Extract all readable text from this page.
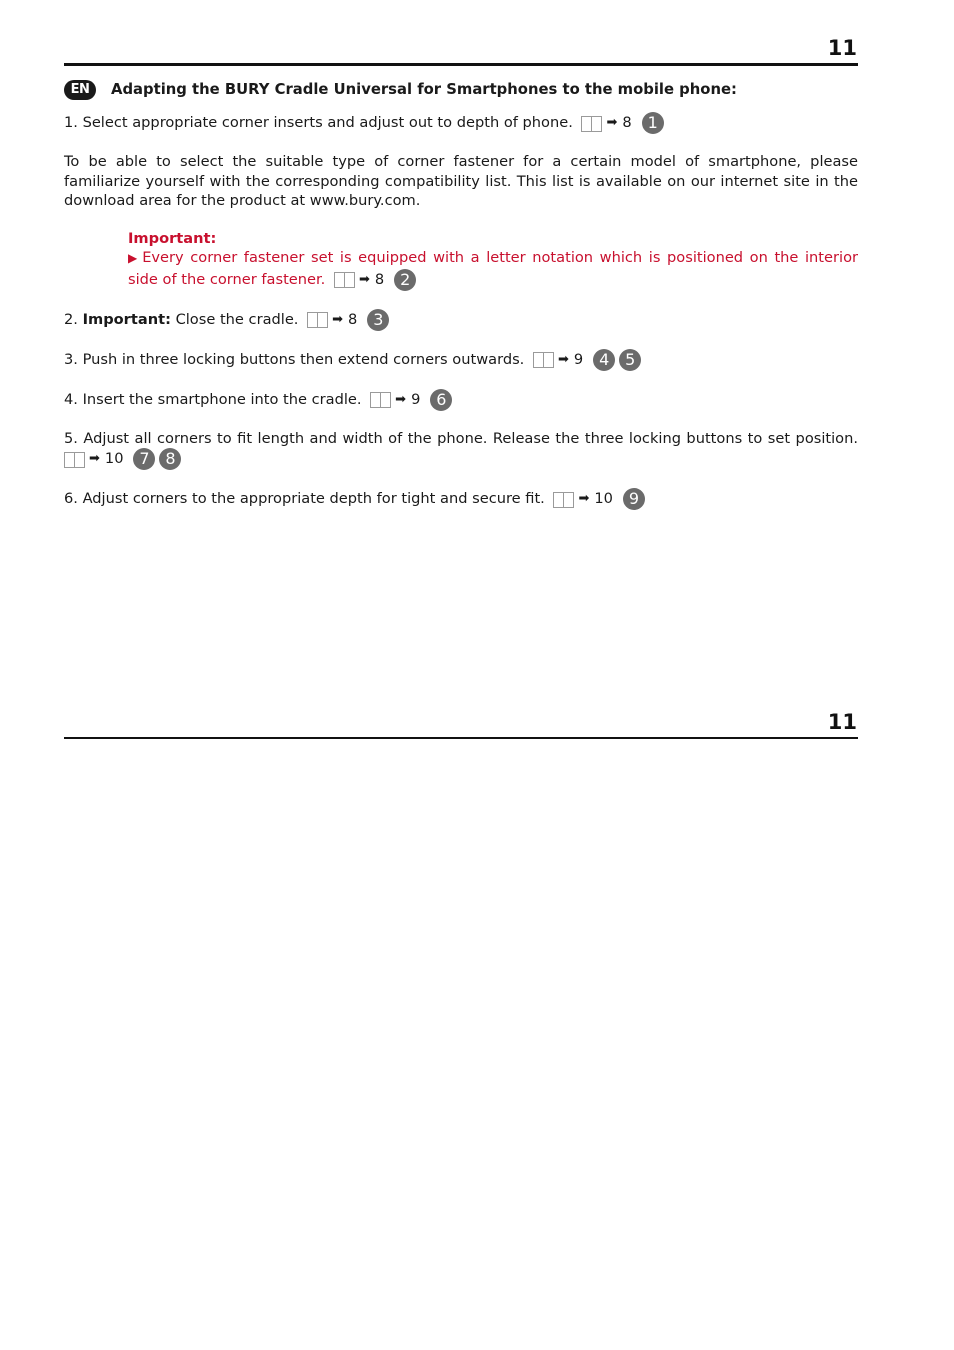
11
EN	Adapting the BURY Cradle Universal for Smartphones to the mobile phone:

1. Select appropriate corner inserts and adjust out to depth of phone.	➡ 8 1

To be able to select the suitable type of corner fastener for a certain model of smartphone, please familiarize yourself with the corresponding compatibility list. This list is available on our internet site in the download area for the product at www.bury.com.

Important:
▶ Every corner fastener set is equipped with a letter notation which is positioned on the interior side of the corner fastener.	➡ 8 2

2. Important: Close the cradle.	➡ 8 3

3. Push in three locking buttons then extend corners outwards.	➡ 9 4 5

4. Insert the smartphone into the cradle.	➡ 9 6

5. Adjust all corners to fit length and width of the phone. Release the three locking buttons to set position.
➡ 10 7 8

6. Adjust corners to the appropriate depth for tight and secure fit.	➡ 10 9

11
